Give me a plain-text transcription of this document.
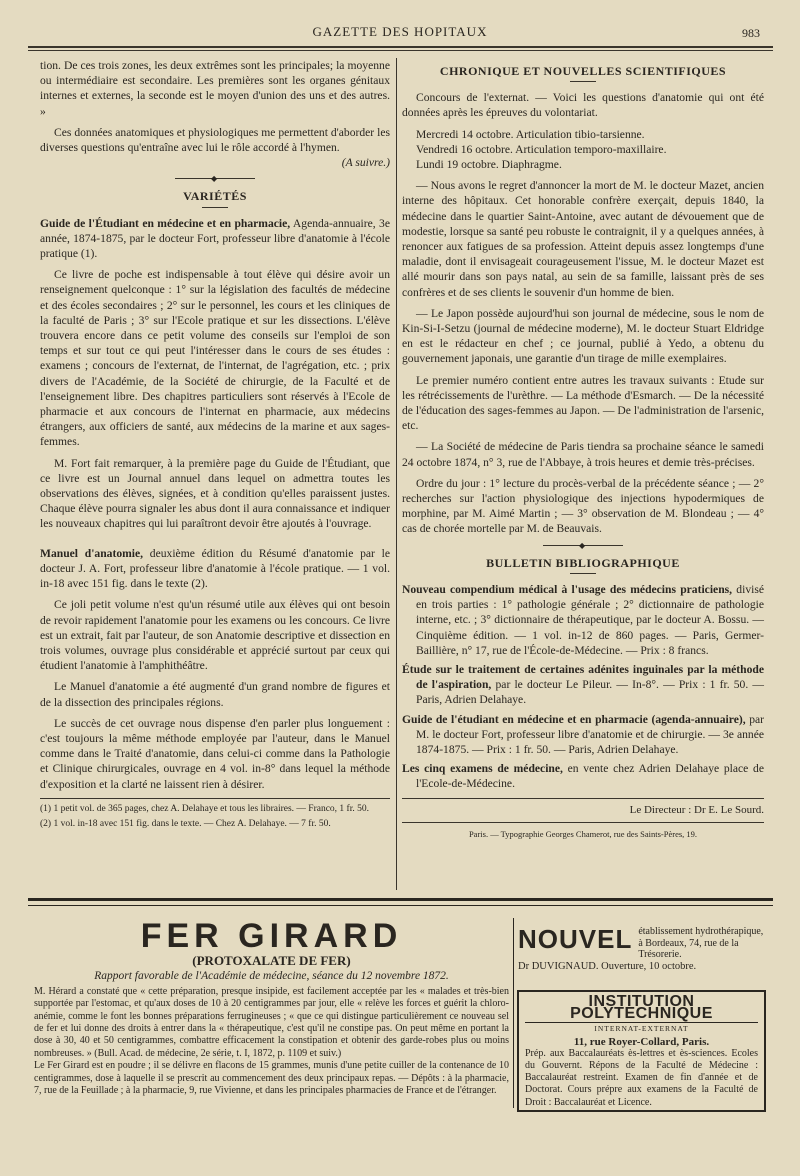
GAZETTE DES HOPITAUX	983

tion. De ces trois zones, les deux extrêmes sont les principales; la moyenne ou intermédiaire est secondaire. Les premières sont les organes génitaux internes et externes, la seconde est le moyen d'union des uns et des autres. »

Ces données anatomiques et physiologiques me permettent d'aborder les diverses questions qu'entraîne avec lui le rôle accordé à l'hymen.
(A suivre.)

◆
VARIÉTÉS

Guide de l'Étudiant en médecine et en pharmacie, Agenda-annuaire, 3e année, 1874-1875, par le docteur Fort, professeur libre d'anatomie à l'école pratique (1).

Ce livre de poche est indispensable à tout élève qui désire avoir un renseignement quelconque : 1° sur la législation des facultés de médecine et des écoles secondaires ; 2° sur le personnel, les cours et les cliniques de la faculté de Paris ; 3° sur l'Ecole pratique et sur les dissections. L'élève trouvera encore dans ce petit volume des conseils sur l'emploi de son temps et sur tout ce qui peut l'intéresser dans le cours de ses études : examens ; concours de l'externat, de l'internat, de l'agrégation, etc. ; prix divers de l'Académie, de la Société de chirurgie, de la Faculté et de l'enseignement libre. Des chapitres particuliers sont réservés à l'Ecole de pharmacie et aux concours de l'internat en pharmacie, aux médecins étrangers, aux officiers de santé, aux médecins de la marine et aux sages-femmes.

M. Fort fait remarquer, à la première page du Guide de l'Étudiant, que ce livre est un Journal annuel dans lequel on admettra toutes les observations des élèves, signées, et à condition qu'elles paraissent justes. Chaque élève pourra signaler les abus dont il aura connaissance et indiquer les nouveaux chapitres qui lui paraîtront devoir être ajoutés à l'ouvrage.

Manuel d'anatomie, deuxième édition du Résumé d'anatomie par le docteur J. A. Fort, professeur libre d'anatomie à l'école pratique. — 1 vol. in-18 avec 151 fig. dans le texte (2).

Ce joli petit volume n'est qu'un résumé utile aux élèves qui ont besoin de revoir rapidement l'anatomie pour les examens ou les concours. Ce livre est un extrait, fait par l'auteur, de son Anatomie descriptive et dissection en trois volumes, ouvrage plus considérable et apprécié surtout par ceux qui étudient l'anatomie à l'amphithéâtre.

Le Manuel d'anatomie a été augmenté d'un grand nombre de figures et de la dissection des principales régions.

Le succès de cet ouvrage nous dispense d'en parler plus longuement : c'est toujours la même méthode employée par l'auteur, dans le Manuel comme dans le Traité d'anatomie, dans celui-ci comme dans la Pathologie et Clinique chirurgicales, ouvrage en 4 vol. in-8° dans lequel la méthode d'exposition et la clarté ne laissent rien à désirer.

(1) 1 petit vol. de 365 pages, chez A. Delahaye et tous les libraires. — Franco, 1 fr. 50.
(2) 1 vol. in-18 avec 151 fig. dans le texte. — Chez A. Delahaye. — 7 fr. 50.
CHRONIQUE ET NOUVELLES SCIENTIFIQUES

Concours de l'externat. — Voici les questions d'anatomie qui ont été données après les épreuves du volontariat.

Mercredi 14 octobre. Articulation tibio-tarsienne.
Vendredi 16 octobre. Articulation temporo-maxillaire.
Lundi 19 octobre. Diaphragme.

— Nous avons le regret d'annoncer la mort de M. le docteur Mazet, ancien interne des hôpitaux. Cet honorable confrère exerçait, depuis 1840, la médecine dans le quartier Saint-Antoine, avec autant de dévouement que de modestie, lorsque sa santé peu robuste le contraignit, il y a quelques années, à renoncer aux fatigues de sa profession. Atteint depuis assez longtemps d'une maladie, dont il envisageait courageusement l'issue, M. le docteur Mazet est allé mourir dans son pays natal, au sein de sa famille, laissant près de ses confrères et de ses clients le souvenir d'un homme de bien.

— Le Japon possède aujourd'hui son journal de médecine, sous le nom de Kin-Si-I-Setzu (journal de médecine moderne), M. le docteur Stuart Eldridge en est le rédacteur en chef ; ce journal, publié à Yedo, a obtenu du gouvernement japonais, une garantie d'un tirage de mille exemplaires.

Le premier numéro contient entre autres les travaux suivants : Etude sur les rétrécissements de l'urèthre. — La méthode d'Esmarch. — De la nécessité de l'éducation des sages-femmes au Japon. — De l'administration de l'arsenic, etc.

— La Société de médecine de Paris tiendra sa prochaine séance le samedi 24 octobre 1874, n° 3, rue de l'Abbaye, à trois heures et demie très-précises.

Ordre du jour : 1° lecture du procès-verbal de la précédente séance ; — 2° recherches sur l'action physiologique des injections hypodermiques de morphine, par M. Aimé Martin ; — 3° observation de M. Blondeau ; — 4° cas de chorée mortelle par M. de Beauvais.

◆
BULLETIN BIBLIOGRAPHIQUE

Nouveau compendium médical à l'usage des médecins praticiens, divisé en trois parties : 1° pathologie générale ; 2° dictionnaire de pathologie interne, etc. ; 3° dictionnaire de thérapeutique, par le docteur A. Bossu. — Cinquième édition. — 1 vol. in-12 de 860 pages. — Paris, Germer-Baillière, n° 17, rue de l'École-de-Médecine. — Prix : 8 francs.

Étude sur le traitement de certaines adénites inguinales par la méthode de l'aspiration, par le docteur Le Pileur. — In-8°. — Prix : 1 fr. 50. — Paris, Adrien Delahaye.

Guide de l'étudiant en médecine et en pharmacie (agenda-annuaire), par M. le docteur Fort, professeur libre d'anatomie et de chirurgie. — 3e année 1874-1875. — Prix : 1 fr. 50. — Paris, Adrien Delahaye.

Les cinq examens de médecine, en vente chez Adrien Delahaye place de l'Ecole-de-Médecine.

Le Directeur : Dr E. Le Sourd.
Paris. — Typographie Georges Chamerot, rue des Saints-Pères, 19.
FER GIRARD
(PROTOXALATE DE FER)
Rapport favorable de l'Académie de médecine, séance du 12 novembre 1872.

M. Hérard a constaté que « cette préparation, presque insipide, est facilement acceptée par les « malades et très-bien supportée par l'estomac, et qu'aux doses de 10 à 20 centigrammes par jour, elle « relève les forces et guérit la chloro-anémie, comme le font les bonnes préparations ferrugineuses ; « que ce qui distingue particulièrement ce nouveau sel de fer et lui donne des droits à entrer dans la « thérapeutique, c'est qu'il ne constipe pas. On peut même en portant la dose à 30, 40 et 50 centigrammes, combattre efficacement la constipation et obtenir des garde-robes plus ou moins nombreuses. » (Bull. Acad. de médecine, 2e série, t. I, 1872, p. 1109 et suiv.)

Le Fer Girard est en poudre ; il se délivre en flacons de 15 grammes, munis d'une petite cuiller de la contenance de 10 centigrammes, dose à laquelle il se prescrit au commencement des deux principaux repas. — Dépôts : à la pharmacie, 7, rue de la Feuillade ; à la pharmacie, 9, rue Vivienne, et dans les principales pharmacies de France et de l'étranger.

NOUVEL établissement hydrothérapique, à Bordeaux, 74, rue de la Trésorerie.
Dr DUVIGNAUD. Ouverture, 10 octobre.
INSTITUTION POLYTECHNIQUE
INTERNAT-EXTERNAT
11, rue Royer-Collard, Paris.

Prép. aux Baccalauréats ès-lettres et ès-sciences. Ecoles du Gouvernt. Répons de la Faculté de Médecine : Baccalauréat restreint. Examen de fin d'année et de Doctorat. Cours prépre aux examens de la Faculté de Droit : Baccalauréat et Licence.
